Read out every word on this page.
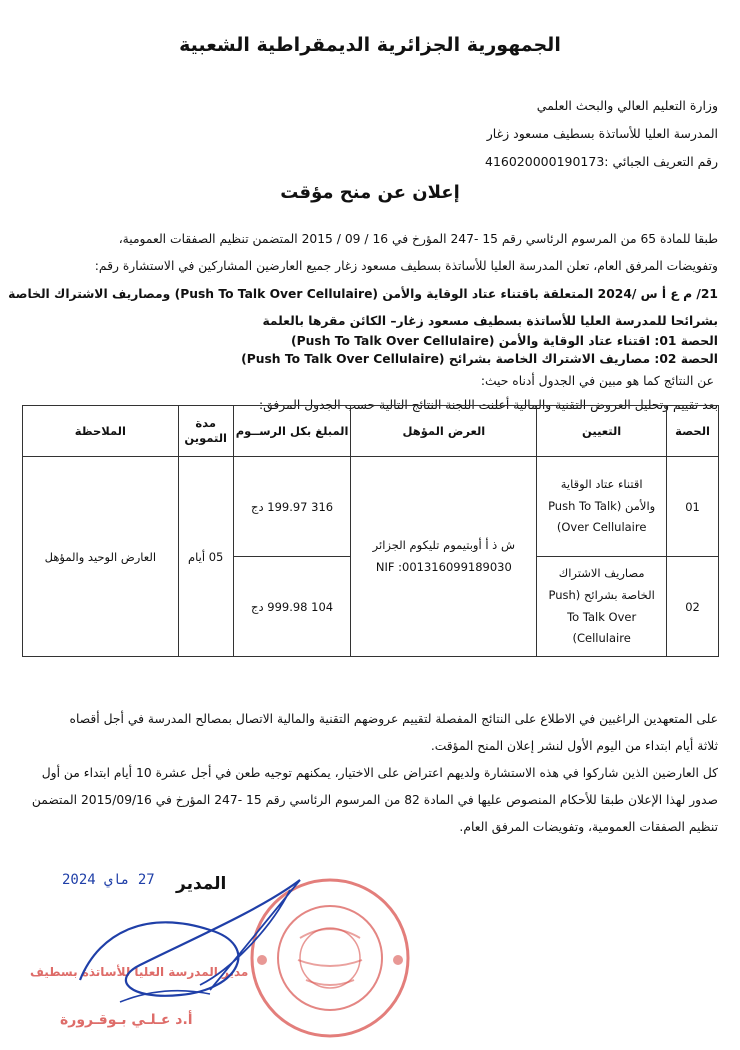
الجمهورية الجزائرية الديمقراطية الشعبية
وزارة التعليم العالي والبحث العلمي
المدرسة العليا للأساتذة بسطيف مسعود زغار
رقم التعريف الجبائي :416020000190173
إعلان عن منح مؤقت
طبقا للمادة 65 من المرسوم الرئاسي رقم 15 -247 المؤرخ في 16 / 09 / 2015 المتضمن تنظيم الصفقات العمومية،
وتفويضات المرفق العام، تعلن المدرسة العليا للأساتذة بسطيف مسعود زغار جميع العارضين المشاركين في الاستشارة رقم:
21/ م ع أ س /2024 المتعلقة باقتناء عتاد الوقاية والأمن (Push To Talk Over Cellulaire) ومصاريف الاشتراك الخاصة
بشرائحا للمدرسة العليا للأساتذة بسطيف مسعود زغار– الكائن مقرها بالعلمة
الحصة 01: اقتناء عتاد الوقاية والأمن (Push To Talk Over Cellulaire)
الحصة 02: مصاريف الاشتراك الخاصة بشرائح (Push To Talk Over Cellulaire)
عن النتائج كما هو مبين في الجدول أدناه حيث:
بعد تقييم وتحليل العروض التقنية والمالية أعلنت اللجنة النتائج التالية حسب الجدول المرفق:
الحصة	التعيين	العرض المؤهل	المبلغ بكل الرســوم	مدة التموين	الملاحظة
01	اقتناء عتاد الوقاية والأمن (Push To Talk Over Cellulaire)	ش ذ أ أوبتيموم تليكوم الجزائر
NIF :001316099189030	316 199.97 دج	05 أيام	العارض الوحيد والمؤهل
02	مصاريف الاشتراك الخاصة بشرائح (Push To Talk Over Cellulaire)		104 999.98 دج		
على المتعهدين الراغبين في الاطلاع على النتائج المفصلة لتقييم عروضهم التقنية والمالية الاتصال بمصالح المدرسة في أجل أقصاه
ثلاثة أيام ابتداء من اليوم الأول لنشر إعلان المنح المؤقت.
كل العارضين الذين شاركوا في هذه الاستشارة ولديهم اعتراض على الاختيار، يمكنهم توجيه طعن في أجل عشرة 10 أيام ابتداء من أول
صدور لهذا الإعلان طبقا للأحكام المنصوص عليها في المادة 82 من المرسوم الرئاسي رقم 15 -247 المؤرخ في 2015/09/16 المتضمن
تنظيم الصفقات العمومية، وتفويضات المرفق العام.
27 ماي 2024 المدير
مدير المدرسة العليا للأساتذة بسطيف
أ.د عـلـي بـوقـرورة
